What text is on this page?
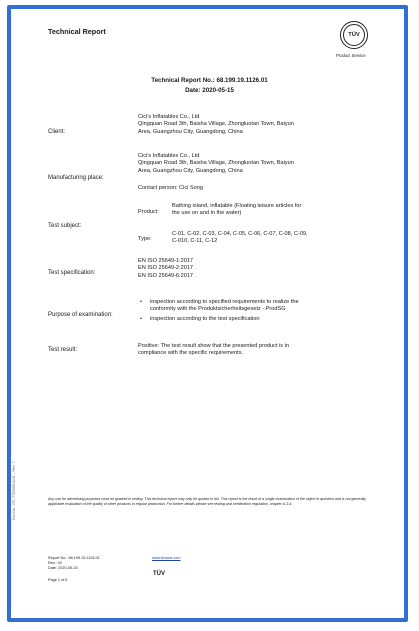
Technical Report	TÜV
Product Service
Technical Report No.: 68.199.19.1126.01
Date: 2020-05-15
Client:
Cici's Inflatables Co., Ltd
Qingquan Road 3th, Baisha Village, Zhongluotan Town, Baiyun
Area, Guangzhou City, Guangdong, China
Manufacturing place:
Cici's Inflatables Co., Ltd
Qingquan Road 3th, Baisha Village, Zhongluotan Town, Baiyun
Area, Guangzhou City, Guangdong, China
Contact person: Cici Song
Test subject:
Product:
Bathing island, inflatable (Floating leisure articles for
the use on and in the water)
Type:
C-01, C-02, C-03, C-04, C-05, C-06, C-07, C-08, C-09,
C-010, C-11, C-12
Test specification:
EN ISO 25649-1:2017
EN ISO 25649-2:2017
EN ISO 25649-6:2017
Purpose of examination:
• inspection according to specified requirements to realize the
conformity with the Produktsicherheitsgesetz - ProdSG
• inspection according to the test specification
Test result:
Positive: The test result show that the presented product is in
compliance with the specific requirements.
Any use for advertising purposes must be granted in writing. This technical report may only be quoted in full. This report is the result of a single examination of the object in question and is not generally applicable evaluation of the quality of other products in regular production. For further details please see testing and certification regulation, chapter A-3.4.
Report No.: 68.199.19.1126.01
Rev.: 00
Date: 2020-05-15
Page 1 of 6
www.tuvsud.com
TÜV
Doc No.: ITC-TTW009-02-E – Rev. 7
